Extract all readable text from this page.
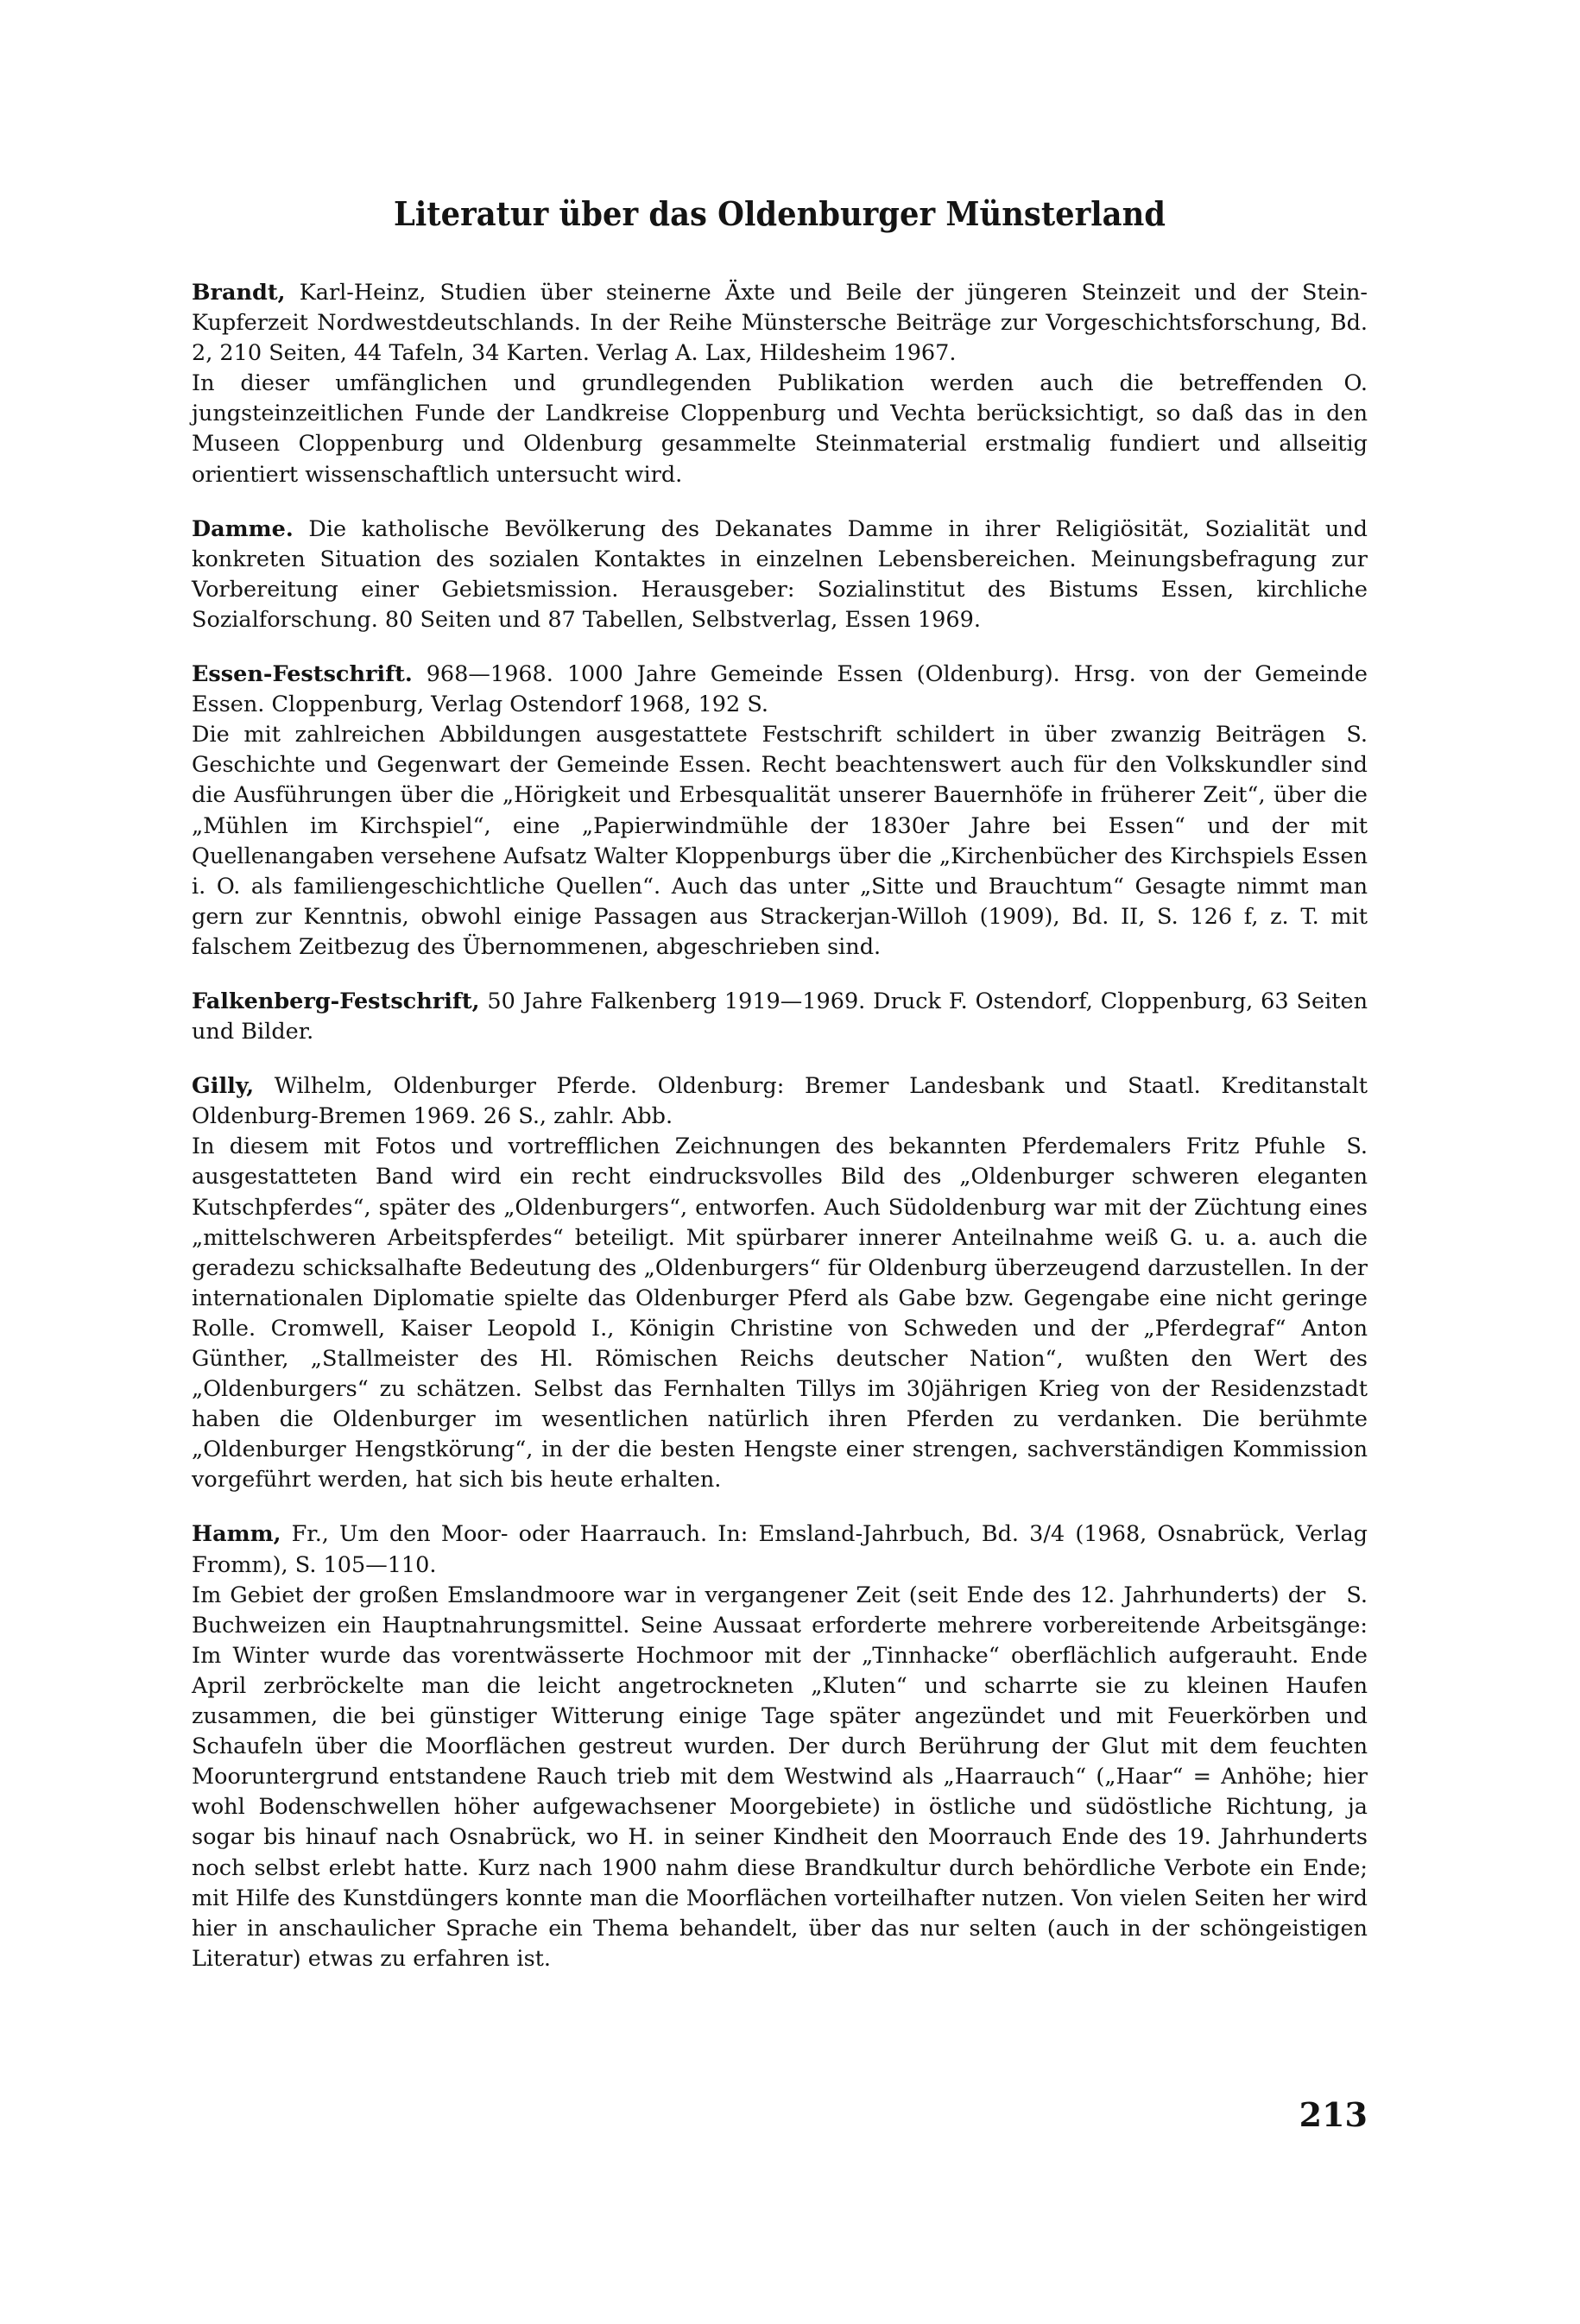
Literatur über das Oldenburger Münsterland

Brandt, Karl-Heinz, Studien über steinerne Äxte und Beile der jüngeren Steinzeit und der Stein-Kupferzeit Nordwestdeutschlands. In der Reihe Münstersche Beiträge zur Vorgeschichtsforschung, Bd. 2, 210 Seiten, 44 Tafeln, 34 Karten. Verlag A. Lax, Hildesheim 1967.

O.
In dieser umfänglichen und grundlegenden Publikation werden auch die betreffenden jungsteinzeitlichen Funde der Landkreise Cloppenburg und Vechta berücksichtigt, so daß das in den Museen Cloppenburg und Oldenburg gesammelte Steinmaterial erstmalig fundiert und allseitig orientiert wissenschaftlich untersucht wird.

Damme. Die katholische Bevölkerung des Dekanates Damme in ihrer Religiösität, Sozialität und konkreten Situation des sozialen Kontaktes in einzelnen Lebensbereichen. Meinungsbefragung zur Vorbereitung einer Gebietsmission. Herausgeber: Sozialinstitut des Bistums Essen, kirchliche Sozialforschung. 80 Seiten und 87 Tabellen, Selbstverlag, Essen 1969.

Essen-Festschrift. 968—1968. 1000 Jahre Gemeinde Essen (Oldenburg). Hrsg. von der Gemeinde Essen. Cloppenburg, Verlag Ostendorf 1968, 192 S.

S.
Die mit zahlreichen Abbildungen ausgestattete Festschrift schildert in über zwanzig Beiträgen Geschichte und Gegenwart der Gemeinde Essen. Recht beachtenswert auch für den Volkskundler sind die Ausführungen über die „Hörigkeit und Erbesqualität unserer Bauernhöfe in früherer Zeit“, über die „Mühlen im Kirchspiel“, eine „Papierwindmühle der 1830er Jahre bei Essen“ und der mit Quellenangaben versehene Aufsatz Walter Kloppenburgs über die „Kirchenbücher des Kirchspiels Essen i. O. als familiengeschichtliche Quellen“. Auch das unter „Sitte und Brauchtum“ Gesagte nimmt man gern zur Kenntnis, obwohl einige Passagen aus Strackerjan-Willoh (1909), Bd. II, S. 126 f, z. T. mit falschem Zeitbezug des Übernommenen, abgeschrieben sind.

Falkenberg-Festschrift, 50 Jahre Falkenberg 1919—1969. Druck F. Ostendorf, Cloppenburg, 63 Seiten und Bilder.

Gilly, Wilhelm, Oldenburger Pferde. Oldenburg: Bremer Landesbank und Staatl. Kreditanstalt Oldenburg-Bremen 1969. 26 S., zahlr. Abb.

S.
In diesem mit Fotos und vortrefflichen Zeichnungen des bekannten Pferdemalers Fritz Pfuhle ausgestatteten Band wird ein recht eindrucksvolles Bild des „Oldenburger schweren eleganten Kutschpferdes“, später des „Oldenburgers“, entworfen. Auch Südoldenburg war mit der Züchtung eines „mittelschweren Arbeitspferdes“ beteiligt. Mit spürbarer innerer Anteilnahme weiß G. u. a. auch die geradezu schicksalhafte Bedeutung des „Oldenburgers“ für Oldenburg überzeugend darzustellen. In der internationalen Diplomatie spielte das Oldenburger Pferd als Gabe bzw. Gegengabe eine nicht geringe Rolle. Cromwell, Kaiser Leopold I., Königin Christine von Schweden und der „Pferdegraf“ Anton Günther, „Stallmeister des Hl. Römischen Reichs deutscher Nation“, wußten den Wert des „Oldenburgers“ zu schätzen. Selbst das Fernhalten Tillys im 30jährigen Krieg von der Residenzstadt haben die Oldenburger im wesentlichen natürlich ihren Pferden zu verdanken. Die berühmte „Oldenburger Hengstkörung“, in der die besten Hengste einer strengen, sachverständigen Kommission vorgeführt werden, hat sich bis heute erhalten.

Hamm, Fr., Um den Moor- oder Haarrauch. In: Emsland-Jahrbuch, Bd. 3/4 (1968, Osnabrück, Verlag Fromm), S. 105—110.

S.
Im Gebiet der großen Emslandmoore war in vergangener Zeit (seit Ende des 12. Jahrhunderts) der Buchweizen ein Hauptnahrungsmittel. Seine Aussaat erforderte mehrere vorbereitende Arbeitsgänge: Im Winter wurde das vorentwässerte Hochmoor mit der „Tinnhacke“ oberflächlich aufgerauht. Ende April zerbröckelte man die leicht angetrockneten „Kluten“ und scharrte sie zu kleinen Haufen zusammen, die bei günstiger Witterung einige Tage später angezündet und mit Feuerkörben und Schaufeln über die Moorflächen gestreut wurden. Der durch Berührung der Glut mit dem feuchten Mooruntergrund entstandene Rauch trieb mit dem Westwind als „Haarrauch“ („Haar“ = Anhöhe; hier wohl Bodenschwellen höher aufgewachsener Moorgebiete) in östliche und südöstliche Richtung, ja sogar bis hinauf nach Osnabrück, wo H. in seiner Kindheit den Moorrauch Ende des 19. Jahrhunderts noch selbst erlebt hatte. Kurz nach 1900 nahm diese Brandkultur durch behördliche Verbote ein Ende; mit Hilfe des Kunstdüngers konnte man die Moorflächen vorteilhafter nutzen. Von vielen Seiten her wird hier in anschaulicher Sprache ein Thema behandelt, über das nur selten (auch in der schöngeistigen Literatur) etwas zu erfahren ist.

213
